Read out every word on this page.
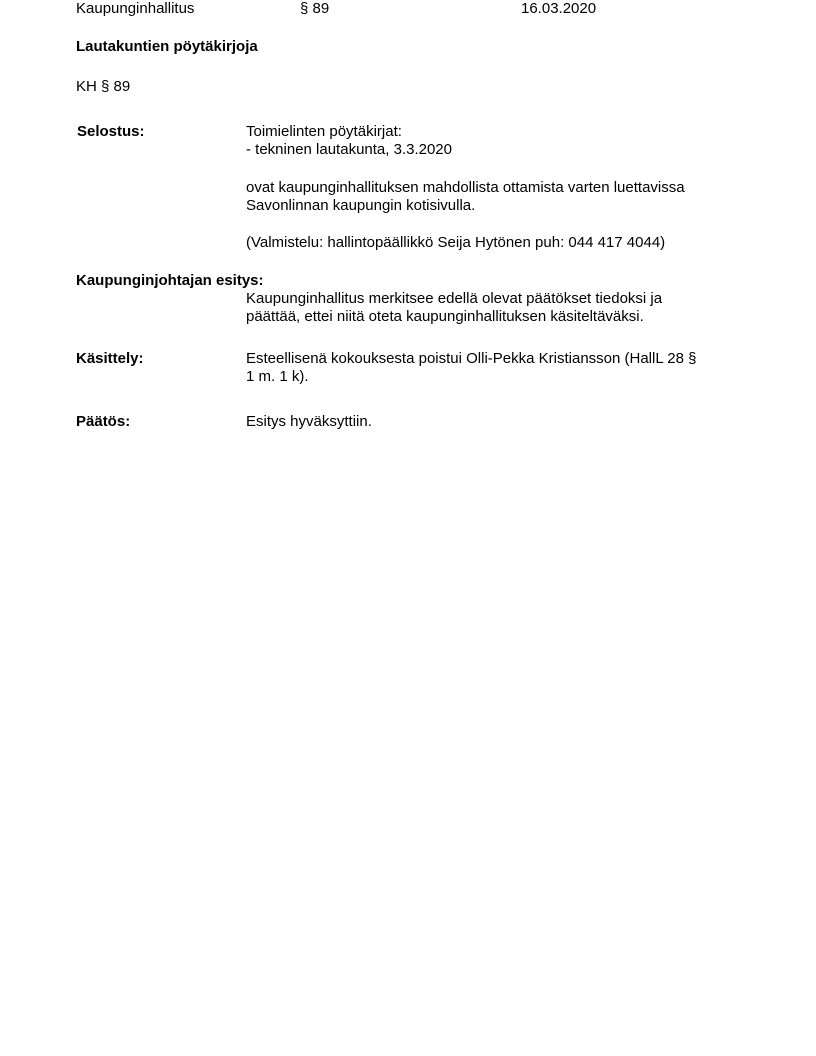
Kaupunginhallitus	§ 89	16.03.2020
Lautakuntien pöytäkirjoja
KH § 89
Selostus:	Toimielinten pöytäkirjat:
- tekninen lautakunta, 3.3.2020
ovat kaupunginhallituksen mahdollista ottamista varten luettavissa
Savonlinnan kaupungin kotisivulla.
(Valmistelu: hallintopäällikkö Seija Hytönen puh: 044 417 4044)
Kaupunginjohtajan esitys:
Kaupunginhallitus merkitsee edellä olevat päätökset tiedoksi ja
päättää, ettei niitä oteta kaupunginhallituksen käsiteltäväksi.
Käsittely:	Esteellisenä kokouksesta poistui Olli-Pekka Kristiansson (HallL 28 §
1 m. 1 k).
Päätös:	Esitys hyväksyttiin.
